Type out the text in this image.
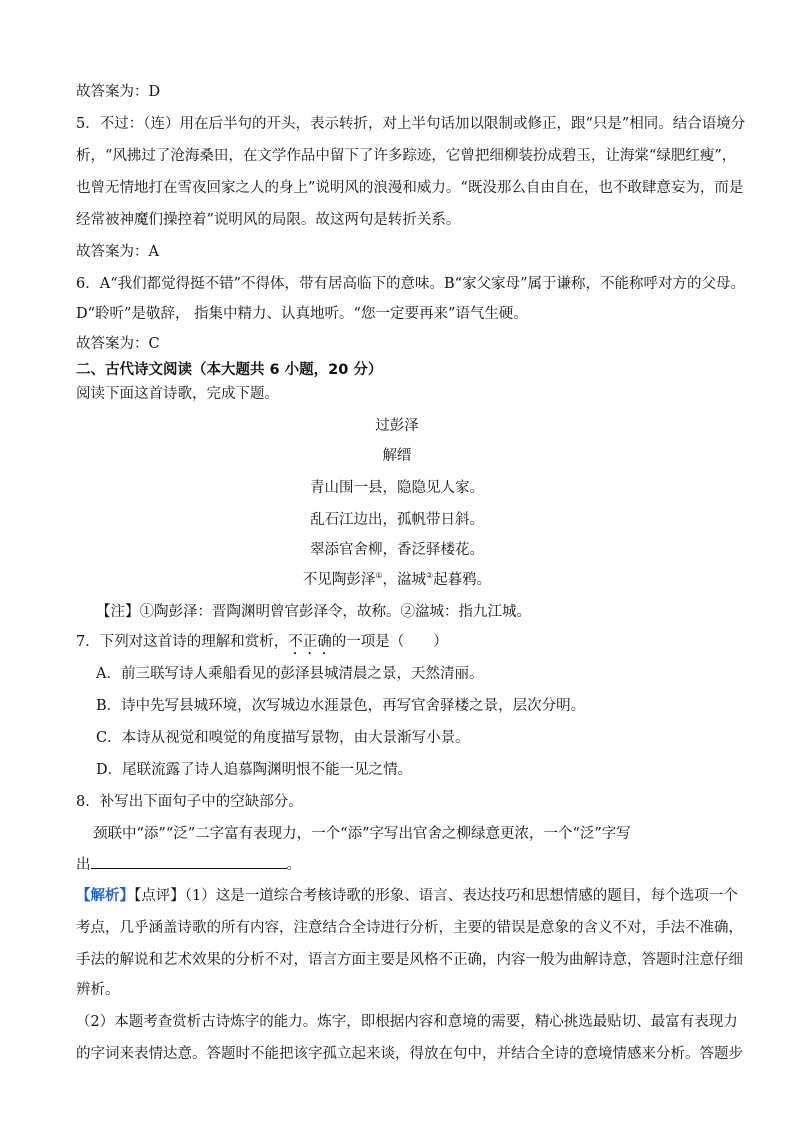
故答案为：D
5．不过：（连）用在后半句的开头，表示转折，对上半句话加以限制或修正，跟“只是”相同。结合语境分
析，“风拂过了沧海桑田，在文学作品中留下了许多踪迹，它曾把细柳装扮成碧玉，让海棠“绿肥红瘦”，
也曾无情地打在雪夜回家之人的身上”说明风的浪漫和威力。“既没那么自由自在，也不敢肆意妄为，而是
经常被神魔们操控着”说明风的局限。故这两句是转折关系。
故答案为：A
6．A“我们都觉得挺不错”不得体，带有居高临下的意味。B“家父家母”属于谦称，不能称呼对方的父母。
D“聆听”是敬辞， 指集中精力、认真地听。“您一定要再来”语气生硬。
故答案为：C
二、古代诗文阅读（本大题共 6 小题，20 分）
阅读下面这首诗歌，完成下题。
过彭泽
解缙
青山围一县，隐隐见人家。
乱石江边出，孤帆带日斜。
翠添官舍柳，香泛驿楼花。
不见陶彭泽①，湓城②起暮鸦。
【注】①陶彭泽：晋陶渊明曾官彭泽令，故称。②湓城：指九江城。
7．下列对这首诗的理解和赏析，不正确的一项是（　　）
A．前三联写诗人乘船看见的彭泽县城清晨之景，天然清丽。
B．诗中先写县城环境，次写城边水涯景色，再写官舍驿楼之景，层次分明。
C．本诗从视觉和嗅觉的角度描写景物，由大景渐写小景。
D．尾联流露了诗人追慕陶渊明恨不能一见之情。
8．补写出下面句子中的空缺部分。
颈联中“添”“泛”二字富有表现力，一个“添”字写出官舍之柳绿意更浓，一个“泛”字写
出	。
【解析】【点评】（1）这是一道综合考核诗歌的形象、语言、表达技巧和思想情感的题目，每个选项一个
考点，几乎涵盖诗歌的所有内容，注意结合全诗进行分析，主要的错误是意象的含义不对，手法不准确，
手法的解说和艺术效果的分析不对，语言方面主要是风格不正确，内容一般为曲解诗意，答题时注意仔细
辨析。
（2）本题考查赏析古诗炼字的能力。炼字，即根据内容和意境的需要，精心挑选最贴切、最富有表现力
的字词来表情达意。答题时不能把该字孤立起来谈，得放在句中，并结合全诗的意境情感来分析。答题步
